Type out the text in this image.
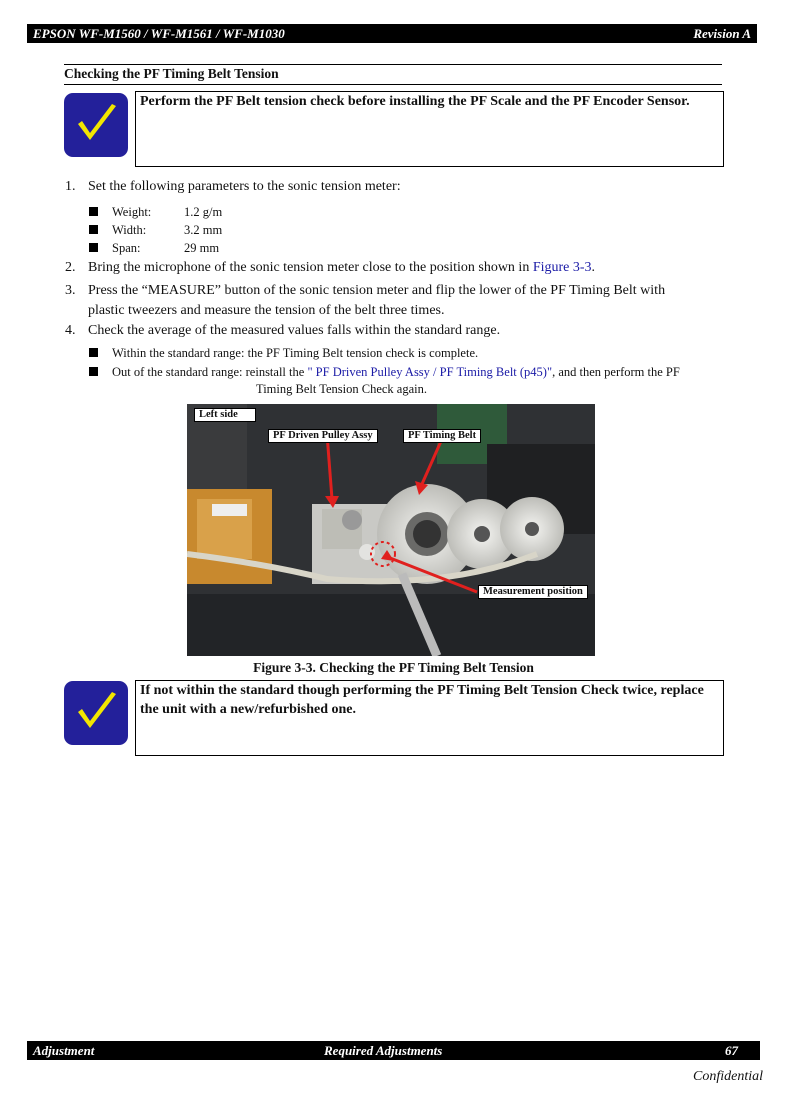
EPSON WF-M1560 / WF-M1561 / WF-M1030	Revision A
Checking the PF Timing Belt Tension
Perform the PF Belt tension check before installing the PF Scale and the PF Encoder Sensor.
1. Set the following parameters to the sonic tension meter:
Weight:	1.2 g/m
Width:	3.2 mm
Span:	29 mm
2. Bring the microphone of the sonic tension meter close to the position shown in Figure 3-3.
3. Press the “MEASURE” button of the sonic tension meter and flip the lower of the PF Timing Belt with
plastic tweezers and measure the tension of the belt three times.
4. Check the average of the measured values falls within the standard range.
Within the standard range: the PF Timing Belt tension check is complete.
Out of the standard range: reinstall the " PF Driven Pulley Assy / PF Timing Belt (p45)", and then perform the PF
Timing Belt Tension Check again.
Left side
PF Driven Pulley Assy	PF Timing Belt
Measurement position
Figure 3-3. Checking the PF Timing Belt Tension
If not within the standard though performing the PF Timing Belt Tension Check twice, replace the unit with a new/refurbished one.
Adjustment	Required Adjustments	67
Confidential
